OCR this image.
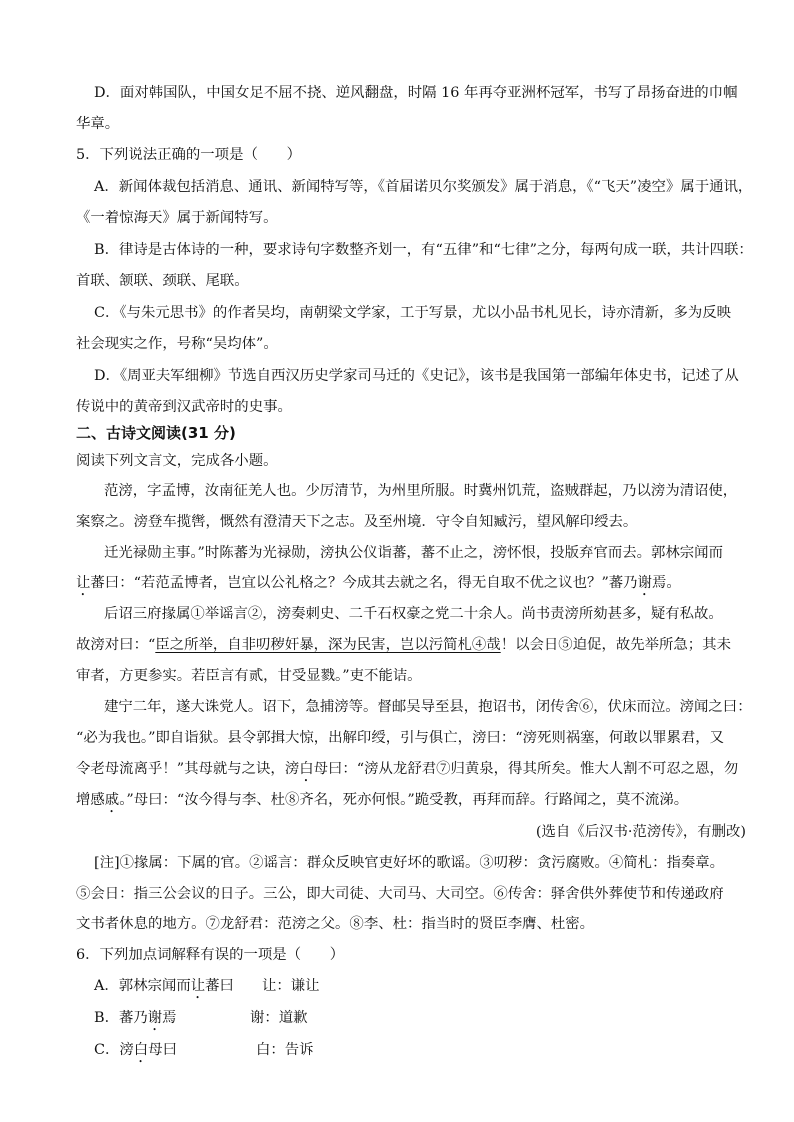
D．面对韩国队，中国女足不屈不挠、逆风翻盘，时隔 16 年再夺亚洲杯冠军，书写了昂扬奋进的巾帼
华章。
5．下列说法正确的一项是（　　）
A．新闻体裁包括消息、通讯、新闻特写等，《首届诺贝尔奖颁发》属于消息，《“飞天”凌空》属于通讯，
《一着惊海天》属于新闻特写。
B．律诗是古体诗的一种，要求诗句字数整齐划一，有“五律”和“七律”之分，每两句成一联，共计四联：
首联、颔联、颈联、尾联。
C．《与朱元思书》的作者吴均，南朝梁文学家，工于写景，尤以小品书札见长，诗亦清新，多为反映
社会现实之作，号称“吴均体”。
D．《周亚夫军细柳》节选自西汉历史学家司马迁的《史记》，该书是我国第一部编年体史书，记述了从
传说中的黄帝到汉武帝时的史事。
二、古诗文阅读(31 分)
阅读下列文言文，完成各小题。
范滂，字孟博，汝南征羌人也。少厉清节，为州里所服。时冀州饥荒，盗贼群起，乃以滂为清诏使，
案察之。滂登车揽辔，慨然有澄清天下之志。及至州境．守令自知臧污，望风解印绶去。
迁光禄勋主事。”时陈蕃为光禄勋，滂执公仪诣蕃，蕃不止之，滂怀恨，投版弃官而去。郭林宗闻而
让蕃曰：“若范孟博者，岂宜以公礼格之？今成其去就之名，得无自取不优之议也？”蕃乃谢焉。
后诏三府掾属①举谣言②，滂奏刺史、二千石权豪之党二十余人。尚书责滂所劾甚多，疑有私故。
故滂对曰：“臣之所举，自非叨秽奸暴，深为民害，岂以污简札④哉！以会日⑤迫促，故先举所急；其未
审者，方更参实。若臣言有贰，甘受显戮。”吏不能诘。
建宁二年，遂大诛党人。诏下，急捕滂等。督邮吴导至县，抱诏书，闭传舍⑥，伏床而泣。滂闻之曰：
“必为我也。”即自诣狱。县令郭揖大惊，出解印绶，引与俱亡，滂曰：“滂死则祸塞，何敢以罪累君，又
令老母流离乎！”其母就与之诀，滂白母曰：“滂从龙舒君⑦归黄泉，得其所矣。惟大人割不可忍之恩，勿
增感戚。”母曰：“汝今得与李、杜⑧齐名，死亦何恨。”跪受教，再拜而辞。行路闻之，莫不流涕。
(选自《后汉书·范滂传》，有删改)
[注]①掾属：下属的官。②谣言：群众反映官吏好坏的歌谣。③叨秽：贪污腐败。④简札：指奏章。
⑤会日：指三公会议的日子。三公，即大司徒、大司马、大司空。⑥传舍：驿舍供外葬使节和传递政府
文书者休息的地方。⑦龙舒君：范滂之父。⑧李、杜：指当时的贤臣李膺、杜密。
6．下列加点词解释有误的一项是（　　）
A．郭林宗闻而让蕃曰 让：谦让
B．蕃乃谢焉	谢：道歉
C．滂白母曰	白：告诉
